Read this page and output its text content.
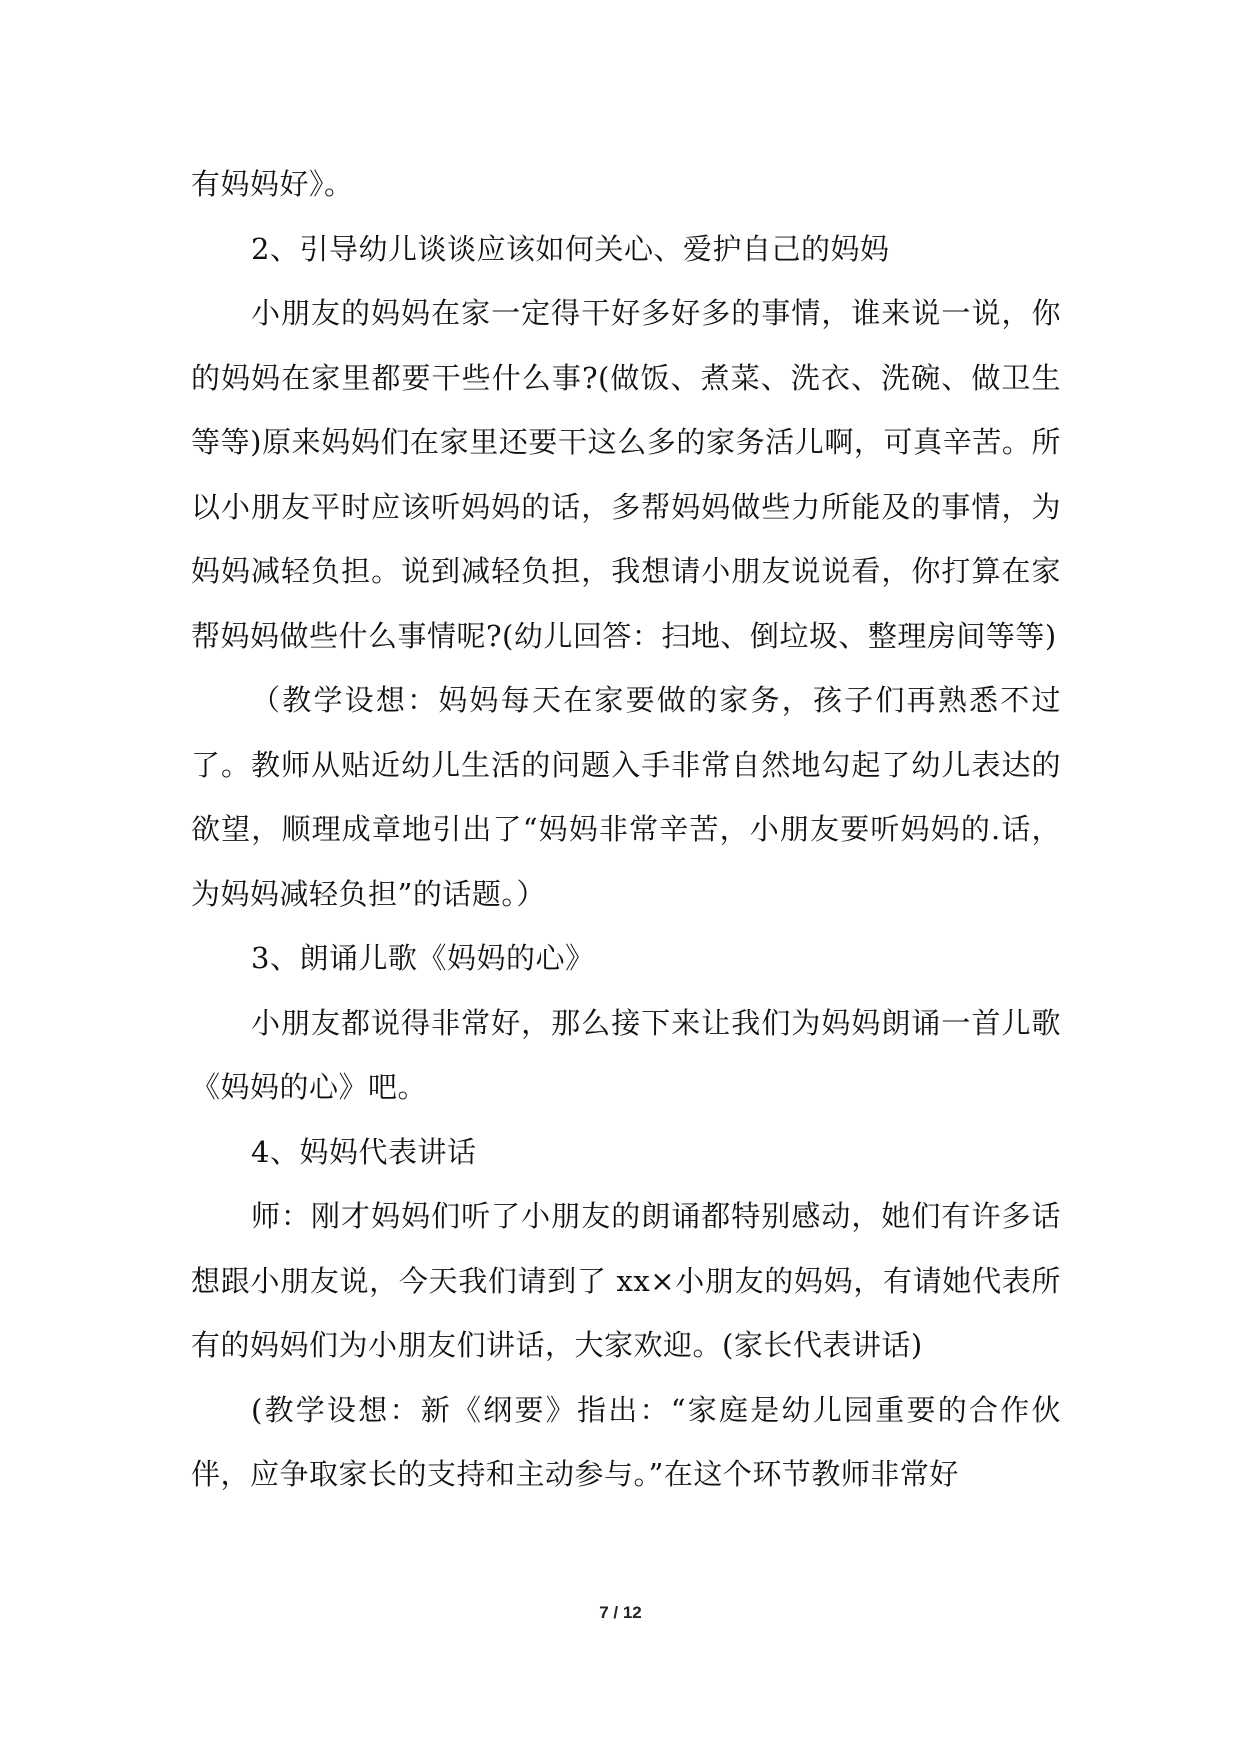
有妈妈好》。

2、引导幼儿谈谈应该如何关心、爱护自己的妈妈

小朋友的妈妈在家一定得干好多好多的事情，谁来说一说，你的妈妈在家里都要干些什么事?(做饭、煮菜、洗衣、洗碗、做卫生等等)原来妈妈们在家里还要干这么多的家务活儿啊，可真辛苦。所以小朋友平时应该听妈妈的话，多帮妈妈做些力所能及的事情，为妈妈减轻负担。说到减轻负担，我想请小朋友说说看，你打算在家帮妈妈做些什么事情呢?(幼儿回答：扫地、倒垃圾、整理房间等等)

（教学设想：妈妈每天在家要做的家务，孩子们再熟悉不过了。教师从贴近幼儿生活的问题入手非常自然地勾起了幼儿表达的欲望，顺理成章地引出了“妈妈非常辛苦，小朋友要听妈妈的.话，为妈妈减轻负担”的话题。）

3、朗诵儿歌《妈妈的心》

小朋友都说得非常好，那么接下来让我们为妈妈朗诵一首儿歌《妈妈的心》吧。

4、妈妈代表讲话

师：刚才妈妈们听了小朋友的朗诵都特别感动，她们有许多话想跟小朋友说，今天我们请到了 xx×小朋友的妈妈，有请她代表所有的妈妈们为小朋友们讲话，大家欢迎。(家长代表讲话)

(教学设想：新《纲要》指出：“家庭是幼儿园重要的合作伙伴，应争取家长的支持和主动参与。”在这个环节教师非常好

7 / 12
